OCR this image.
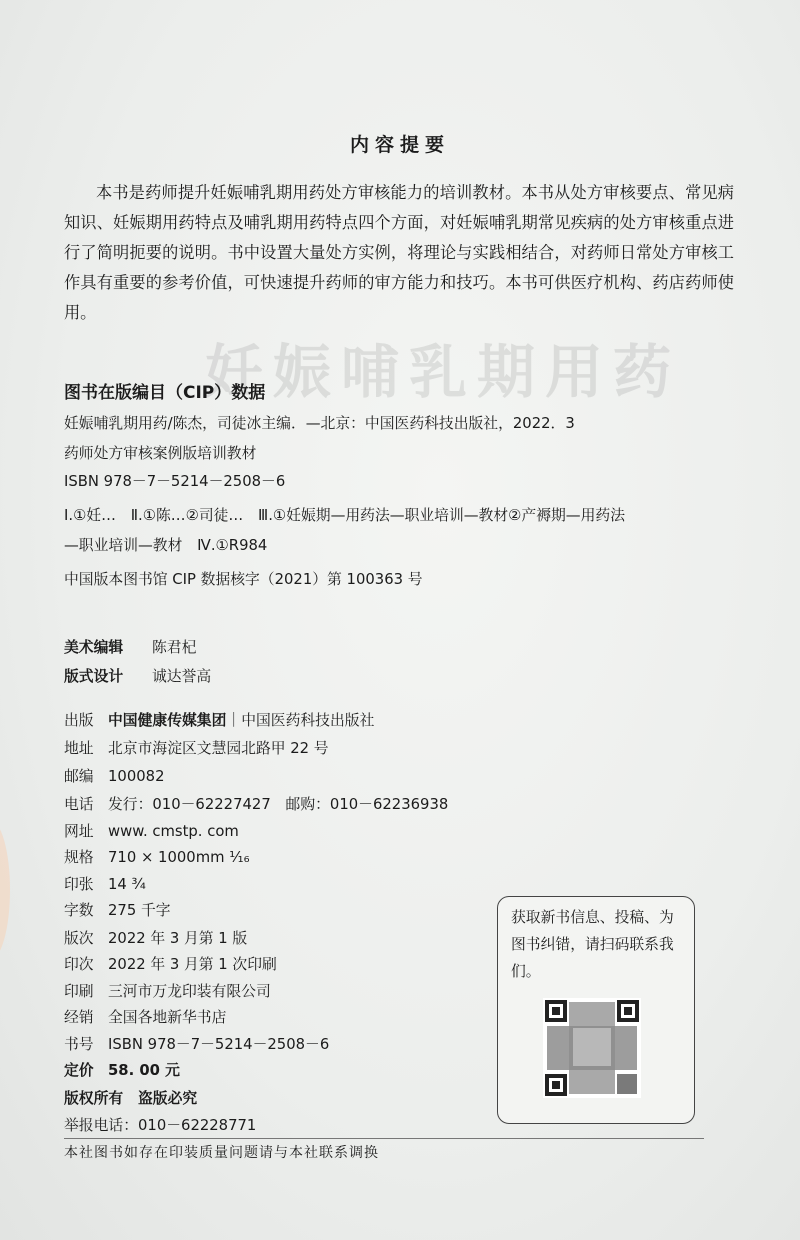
妊娠哺乳期用药
内容提要
本书是药师提升妊娠哺乳期用药处方审核能力的培训教材。本书从处方审核要点、常见病知识、妊娠期用药特点及哺乳期用药特点四个方面，对妊娠哺乳期常见疾病的处方审核重点进行了简明扼要的说明。书中设置大量处方实例，将理论与实践相结合，对药师日常处方审核工作具有重要的参考价值，可快速提升药师的审方能力和技巧。本书可供医疗机构、药店药师使用。
图书在版编目（CIP）数据
妊娠哺乳期用药/陈杰，司徒冰主编．—北京：中国医药科技出版社，2022．3
药师处方审核案例版培训教材
ISBN 978－7－5214－2508－6
Ⅰ.①妊…　Ⅱ.①陈…②司徒…　Ⅲ.①妊娠期—用药法—职业培训—教材②产褥期—用药法
—职业培训—教材　Ⅳ.①R984
中国版本图书馆 CIP 数据核字（2021）第 100363 号
美术编辑 陈君杞
版式设计 诚达誉高
出版 中国健康传媒集团｜中国医药科技出版社
地址 北京市海淀区文慧园北路甲 22 号
邮编 100082
电话 发行：010－62227427　邮购：010－62236938
网址 www. cmstp. com
规格 710 × 1000mm ¹⁄₁₆
印张 14 ¾
字数 275 千字
版次 2022 年 3 月第 1 版
印次 2022 年 3 月第 1 次印刷
印刷 三河市万龙印装有限公司
经销 全国各地新华书店
书号 ISBN 978－7－5214－2508－6
定价 58. 00 元
版权所有　盗版必究
举报电话：010－62228771
获取新书信息、投稿、为图书纠错，请扫码联系我们。
本社图书如存在印装质量问题请与本社联系调换
